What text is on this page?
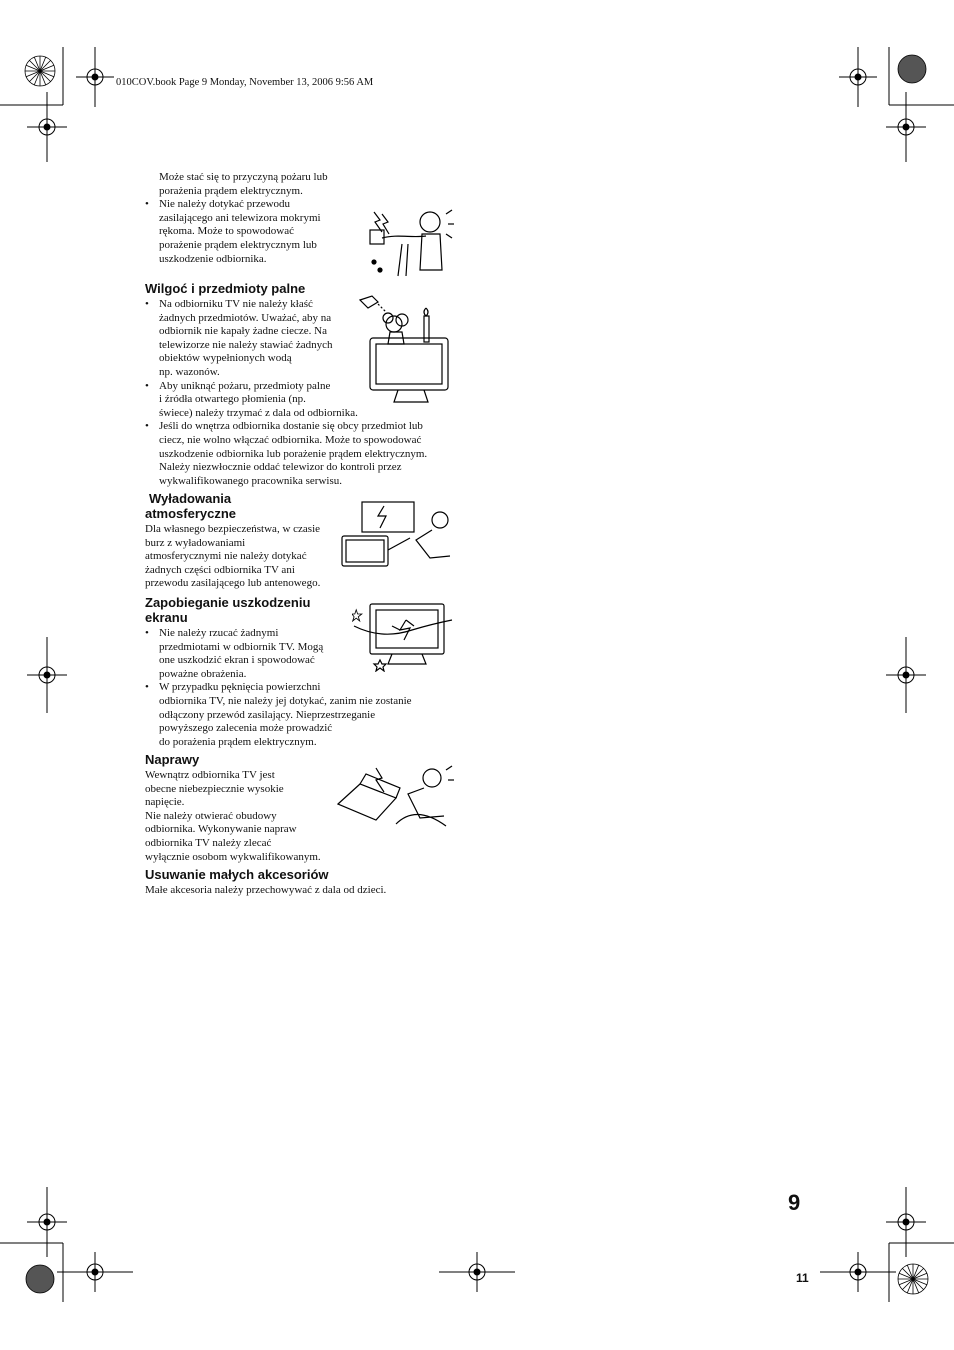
010COV.book Page 9 Monday, November 13, 2006 9:56 AM

Może stać się to przyczyną pożaru lub

porażenia prądem elektrycznym.

• Nie należy dotykać przewodu

zasilającego ani telewizora mokrymi

rękoma. Może to spowodować

porażenie prądem elektrycznym lub

uszkodzenie odbiornika.

Wilgoć i przedmioty palne

• Na odbiorniku TV nie należy kłaść

żadnych przedmiotów. Uważać, aby na

odbiornik nie kapały żadne ciecze. Na

telewizorze nie należy stawiać żadnych

obiektów wypełnionych wodą

np. wazonów.

• Aby uniknąć pożaru, przedmioty palne

i źródła otwartego płomienia (np.

świece) należy trzymać z dala od odbiornika.

• Jeśli do wnętrza odbiornika dostanie się obcy przedmiot lub

ciecz, nie wolno włączać odbiornika. Może to spowodować

uszkodzenie odbiornika lub porażenie prądem elektrycznym.

Należy niezwłocznie oddać telewizor do kontroli przez

wykwalifikowanego pracownika serwisu.

Wyładowania
atmosferyczne

Dla własnego bezpieczeństwa, w czasie

burz z wyładowaniami

atmosferycznymi nie należy dotykać

żadnych części odbiornika TV ani

przewodu zasilającego lub antenowego.

Zapobieganie uszkodzeniu
ekranu

• Nie należy rzucać żadnymi

przedmiotami w odbiornik TV. Mogą

one uszkodzić ekran i spowodować

poważne obrażenia.

• W przypadku pęknięcia powierzchni

odbiornika TV, nie należy jej dotykać, zanim nie zostanie

odłączony przewód zasilający. Nieprzestrzeganie

powyższego zalecenia może prowadzić

do porażenia prądem elektrycznym.

Naprawy

Wewnątrz odbiornika TV jest

obecne niebezpiecznie wysokie

napięcie.

Nie należy otwierać obudowy

odbiornika. Wykonywanie napraw

odbiornika TV należy zlecać

wyłącznie osobom wykwalifikowanym.

Usuwanie małych akcesoriów

Małe akcesoria należy przechowywać z dala od dzieci.

9
11
